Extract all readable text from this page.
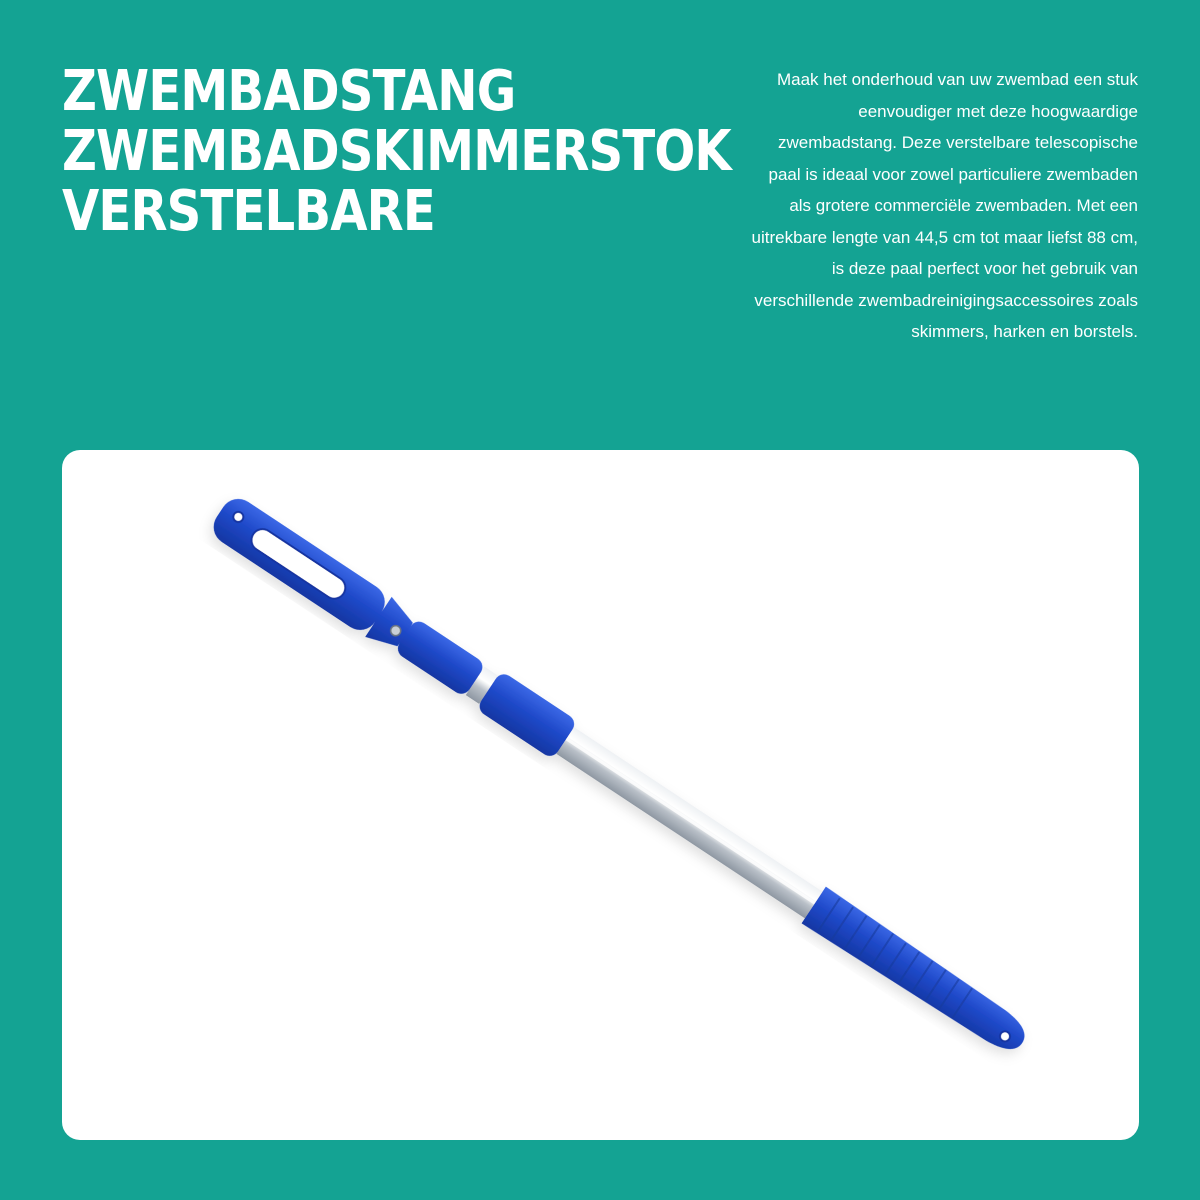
ZWEMBADSTANG
ZWEMBADSKIMMERSTOK
VERSTELBARE

Maak het onderhoud van uw zwembad een stuk eenvoudiger met deze hoogwaardige zwembadstang. Deze verstelbare telescopische paal is ideaal voor zowel particuliere zwembaden als grotere commerciële zwembaden. Met een uitrekbare lengte van 44,5 cm tot maar liefst 88 cm, is deze paal perfect voor het gebruik van verschillende zwembadreinigingsaccessoires zoals skimmers, harken en borstels.
